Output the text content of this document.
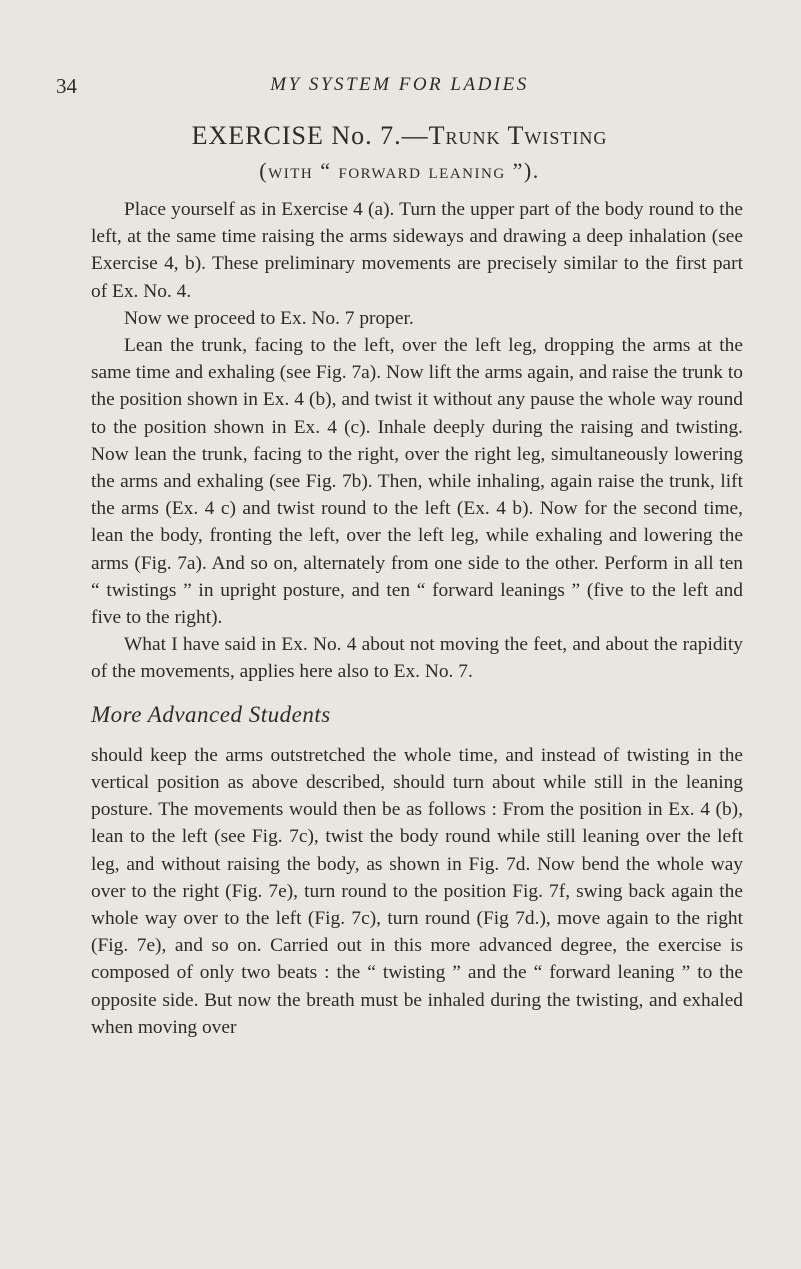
34	MY SYSTEM FOR LADIES
EXERCISE No. 7.—Trunk Twisting
(with “ forward leaning ”).

Place yourself as in Exercise 4 (a). Turn the upper part of the body round to the left, at the same time raising the arms sideways and drawing a deep inhalation (see Exercise 4, b). These preliminary movements are precisely similar to the first part of Ex. No. 4.

Now we proceed to Ex. No. 7 proper.

Lean the trunk, facing to the left, over the left leg, dropping the arms at the same time and exhaling (see Fig. 7a). Now lift the arms again, and raise the trunk to the position shown in Ex. 4 (b), and twist it without any pause the whole way round to the position shown in Ex. 4 (c). Inhale deeply during the raising and twisting. Now lean the trunk, facing to the right, over the right leg, simultaneously lowering the arms and exhaling (see Fig. 7b). Then, while inhaling, again raise the trunk, lift the arms (Ex. 4 c) and twist round to the left (Ex. 4 b). Now for the second time, lean the body, fronting the left, over the left leg, while exhaling and lowering the arms (Fig. 7a). And so on, alternately from one side to the other. Perform in all ten “ twistings ” in upright posture, and ten “ forward leanings ” (five to the left and five to the right).

What I have said in Ex. No. 4 about not moving the feet, and about the rapidity of the movements, applies here also to Ex. No. 7.

More Advanced Students

should keep the arms outstretched the whole time, and instead of twisting in the vertical position as above described, should turn about while still in the leaning posture. The movements would then be as follows : From the position in Ex. 4 (b), lean to the left (see Fig. 7c), twist the body round while still leaning over the left leg, and without raising the body, as shown in Fig. 7d. Now bend the whole way over to the right (Fig. 7e), turn round to the position Fig. 7f, swing back again the whole way over to the left (Fig. 7c), turn round (Fig 7d.), move again to the right (Fig. 7e), and so on. Carried out in this more advanced degree, the exercise is composed of only two beats : the “ twisting ” and the “ forward leaning ” to the opposite side. But now the breath must be inhaled during the twisting, and exhaled when moving over
